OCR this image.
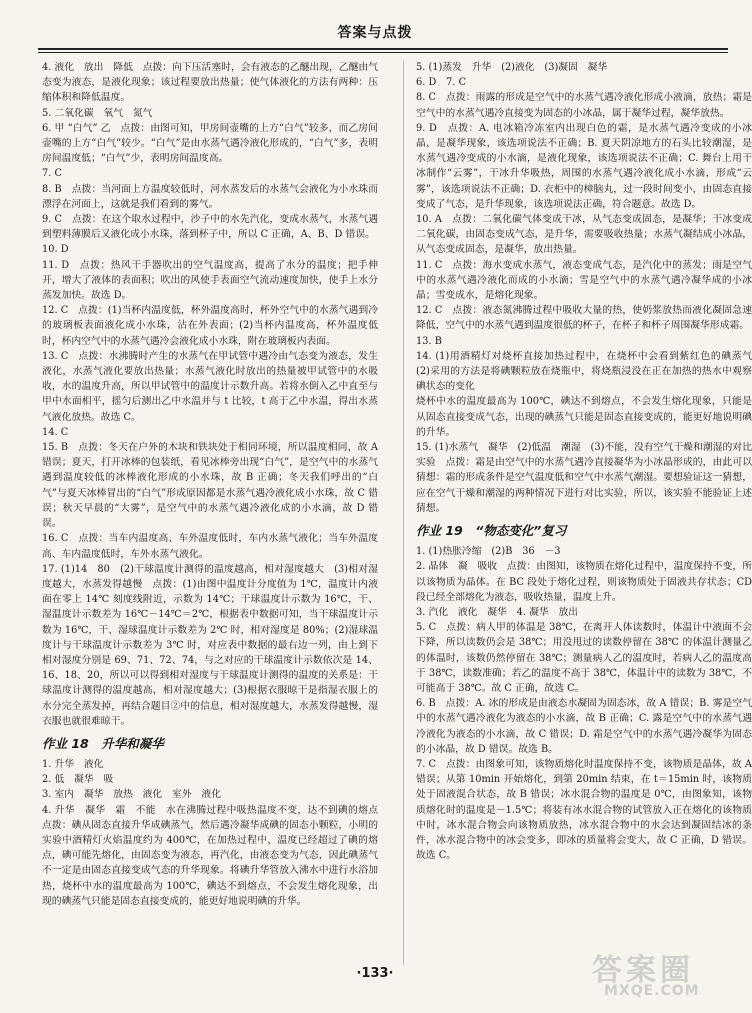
答案与点拨
4. 液化　放出　降低　点拨：向下压活塞时，会有液态的乙醚出现，乙醚由气态变为液态，是液化现象；该过程要放出热量；使气体液化的方法有两种：压缩体积和降低温度。
5. 二氧化碳　氧气　氮气
6. 甲 “白气” 乙　点拨：由图可知，甲房间壶嘴的上方“白气”较多，而乙房间壶嘴的上方“白气”较少。“白气”是由水蒸气遇冷液化形成的，“白气”多，表明房间温度低；“白气”少，表明房间温度高。
7. C
8. B　点拨：当河面上方温度较低时，河水蒸发后的水蒸气会液化为小水珠而漂浮在河面上，这就是我们看到的雾气。
9. C　点拨：在这个取水过程中，沙子中的水先汽化，变成水蒸气，水蒸气遇到塑料薄膜后又液化成小水珠，落到杯子中，所以 C 正确，A、B、D 错误。
10. D
11. D　点拨：热风干手器吹出的空气温度高，提高了水分的温度；把手伸开，增大了液体的表面积；吹出的风使手表面空气流动速度加快，使手上水分蒸发加快。故选 D。
12. C　点拨：(1)当杯内温度低，杯外温度高时，杯外空气中的水蒸气遇到冷的玻璃板表面液化成小水珠，沾在外表面；(2)当杯内温度高，杯外温度低时，杯内空气中的水蒸气遇冷会液化成小水珠，附在玻璃板内表面。
13. C　点拨：水沸腾时产生的水蒸气在甲试管中遇冷由气态变为液态，发生液化，水蒸气液化要放出热量；水蒸气液化时放出的热量被甲试管中的水吸收，水的温度升高，所以甲试管中的温度计示数升高。若将水倒入乙中直至与甲中水面相平，摇匀后测出乙中水温并与 t 比较，t 高于乙中水温，得出水蒸气液化放热。故选 C。
14. C
15. B　点拨：冬天在户外的木块和铁块处于相同环境，所以温度相同，故 A 错误；夏天，打开冰棒的包装纸，看见冰棒旁出现“白气”，是空气中的水蒸气遇到温度较低的冰棒液化形成的小水珠，故 B 正确；冬天我们呼出的“白气”与夏天冰棒冒出的“白气”形成原因都是水蒸气遇冷液化成小水珠，故 C 错误；秋天早晨的“大雾”，是空气中的水蒸气遇冷液化成的小水滴，故 D 错误。
16. C　点拨：当车内温度高、车外温度低时，车内水蒸气液化；当车外温度高、车内温度低时，车外水蒸气液化。
17. (1)14　80　(2)干球温度计测得的温度越高，相对湿度越大　(3)相对湿度越大，水蒸发得越慢　点拨：(1)由图中温度计分度值为 1℃，温度计内液面在零上 14℃ 刻度线附近，示数为 14℃；干球温度计示数为 16℃，干、湿温度计示数差为 16℃－14℃＝2℃，根据表中数据可知，当干球温度计示数为 16℃，干、湿球温度计示数差为 2℃ 时，相对湿度是 80%；(2)湿球温度计与干球温度计示数差为 3℃ 时，对应表中数据的最右边一列，由上到下相对湿度分别是 69、71、72、74，与之对应的干球温度计示数依次是 14、16、18、20，所以可以得到相对湿度与干球温度计测得的温度的关系是：干球温度计测得的温度越高，相对湿度越大；(3)根据衣服晾干是指湿衣服上的水分完全蒸发掉，再结合题目②中的信息，相对湿度越大，水蒸发得越慢，湿衣服也就很难晾干。
作业 18　升华和凝华
1. 升华　液化
2. 低　凝华　吸
3. 室内　凝华　放热　液化　室外　液化
4. 升华　凝华　霜　不能　水在沸腾过程中吸热温度不变，达不到碘的熔点　点拨：碘从固态直接升华成碘蒸气，然后遇冷凝华成碘的固态小颗粒，小明的实验中酒精灯火焰温度约为 400℃，在加热过程中，温度已经超过了碘的熔点，碘可能先熔化，由固态变为液态，再汽化，由液态变为气态，因此碘蒸气不一定是由固态直接变成气态的升华现象。将碘升华管放入沸水中进行水浴加热，烧杯中水的温度最高为 100℃，碘达不到熔点，不会发生熔化现象，出现的碘蒸气只能是固态直接变成的，能更好地说明碘的升华。
5. (1)蒸发　升华　(2)液化　(3)凝固　凝华
6. D　7. C
8. C　点拨：雨露的形成是空气中的水蒸气遇冷液化形成小液滴，放热；霜是空气中的水蒸气遇冷直接变为固态的小冰晶，属于凝华过程，凝华放热。
9. D　点拨：A. 电冰箱冷冻室内出现白色的霜，是水蒸气遇冷变成的小冰晶，是凝华现象，该选项说法不正确；B. 夏天阴凉地方的石头比较潮湿，是水蒸气遇冷变成的小水滴，是液化现象，该选项说法不正确；C. 舞台上用干冰制作“云雾”，干冰升华吸热，周围的水蒸气遇冷液化成小水滴，形成“云雾”，该选项说法不正确；D. 衣柜中的樟脑丸，过一段时间变小，由固态直接变成了气态，是升华现象，该选项说法正确，符合题意。故选 D。
10. A　点拨：二氧化碳气体变成干冰，从气态变成固态，是凝华；干冰变成二氧化碳，由固态变成气态，是升华，需要吸收热量；水蒸气凝结成小冰晶，从气态变成固态，是凝华，放出热量。
11. C　点拨：海水变成水蒸气，液态变成气态，是汽化中的蒸发；雨是空气中的水蒸气遇冷液化而成的小水滴；雪是空气中的水蒸气遇冷凝华成的小冰晶；雪变成水，是熔化现象。
12. C　点拨：液态氮沸腾过程中吸收大量的热，使奶浆放热而液化凝固急速降低，空气中的水蒸气遇到温度很低的杯子，在杯子和杯子周围凝华形成霜。
13. B
14. (1)用酒精灯对烧杯直接加热过程中，在烧杯中会看到紫红色的碘蒸气　(2)采用的方法是将碘颗粒放在烧瓶中，将烧瓶浸没在正在加热的热水中观察碘状态的变化
烧杯中水的温度最高为 100℃，碘达不到熔点，不会发生熔化现象，只能是从固态直接变成气态，出现的碘蒸气只能是固态直接变成的，能更好地说明碘的升华。
15. (1)水蒸气　凝华　(2)低温　潮湿　(3)不能，没有空气干燥和潮湿的对比实验　点拨：霜是由空气中的水蒸气遇冷直接凝华为小冰晶形成的，由此可以猜想：霜的形成条件是空气温度低和空气中水蒸气潮湿。要想验证这一猜想，应在空气干燥和潮湿的两种情况下进行对比实验，所以，该实验不能验证上述猜想。
作业 19　“物态变化”复习
1. (1)热胀冷缩　(2)B　36　－3
2. 晶体　凝　吸收　点拨：由图知，该物质在熔化过程中，温度保持不变，所以该物质为晶体。在 BC 段处于熔化过程，则该物质处于固液共存状态；CD 段已经全部熔化为液态，吸收热量，温度上升。
3. 汽化　液化　凝华　4. 凝华　放出
5. C　点拨：病人甲的体温是 38℃，在离开人体读数时，体温计中液面不会下降，所以读数仍会是 38℃；用没甩过的读数停留在 38℃ 的体温计测量乙的体温时，该数仍然停留在 38℃；测量病人乙的温度时，若病人乙的温度高于 38℃，读数准确；若乙的温度不高于 38℃，体温计中的读数为 38℃，不可能高于 38℃。故 C 正确，故选 C。
6. B　点拨：A. 冰的形成是由液态水凝固为固态冰，故 A 错误；B. 雾是空气中的水蒸气遇冷液化为液态的小水滴，故 B 正确；C. 露是空气中的水蒸气遇冷液化为液态的小水滴，故 C 错误；D. 霜是空气中的水蒸气遇冷凝华为固态的小冰晶，故 D 错误。故选 B。
7. C　点拨：由图象可知，该物质熔化时温度保持不变，该物质是晶体，故 A 错误；从第 10min 开始熔化，到第 20min 结束，在 t＝15min 时，该物质处于固液混合状态，故 B 错误；冰水混合物的温度是 0℃，由图象知，该物质熔化时的温度是－1.5℃；将装有冰水混合物的试管放入正在熔化的该物质中时，冰水混合物会向该物质放热，冰水混合物中的水会达到凝固结冰的条件，冰水混合物中的冰会变多，即冰的质量将会变大，故 C 正确，D 错误。故选 C。
·133·	答案圈
MXQE.COM
